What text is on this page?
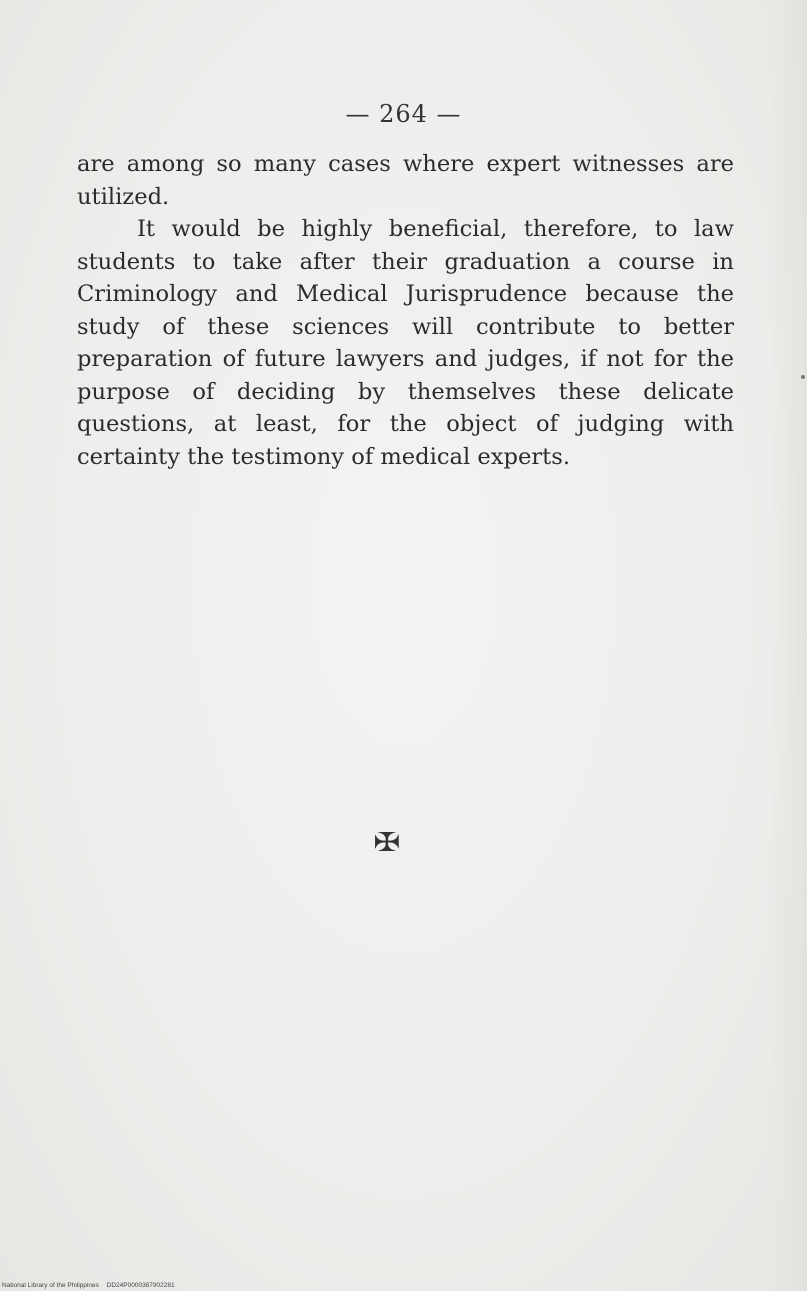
— 264 —

are among so many cases where expert witnesses are utilized.

It would be highly beneficial, therefore, to law students to take after their graduation a course in Criminology and Medical Jurisprudence because the study of these sciences will contribute to better preparation of future lawyers and judges, if not for the purpose of deciding by themselves these delicate questions, at least, for the object of judging with certainty the testimony of medical experts.

✠
National Library of the Philippines DD24P0000387902281
